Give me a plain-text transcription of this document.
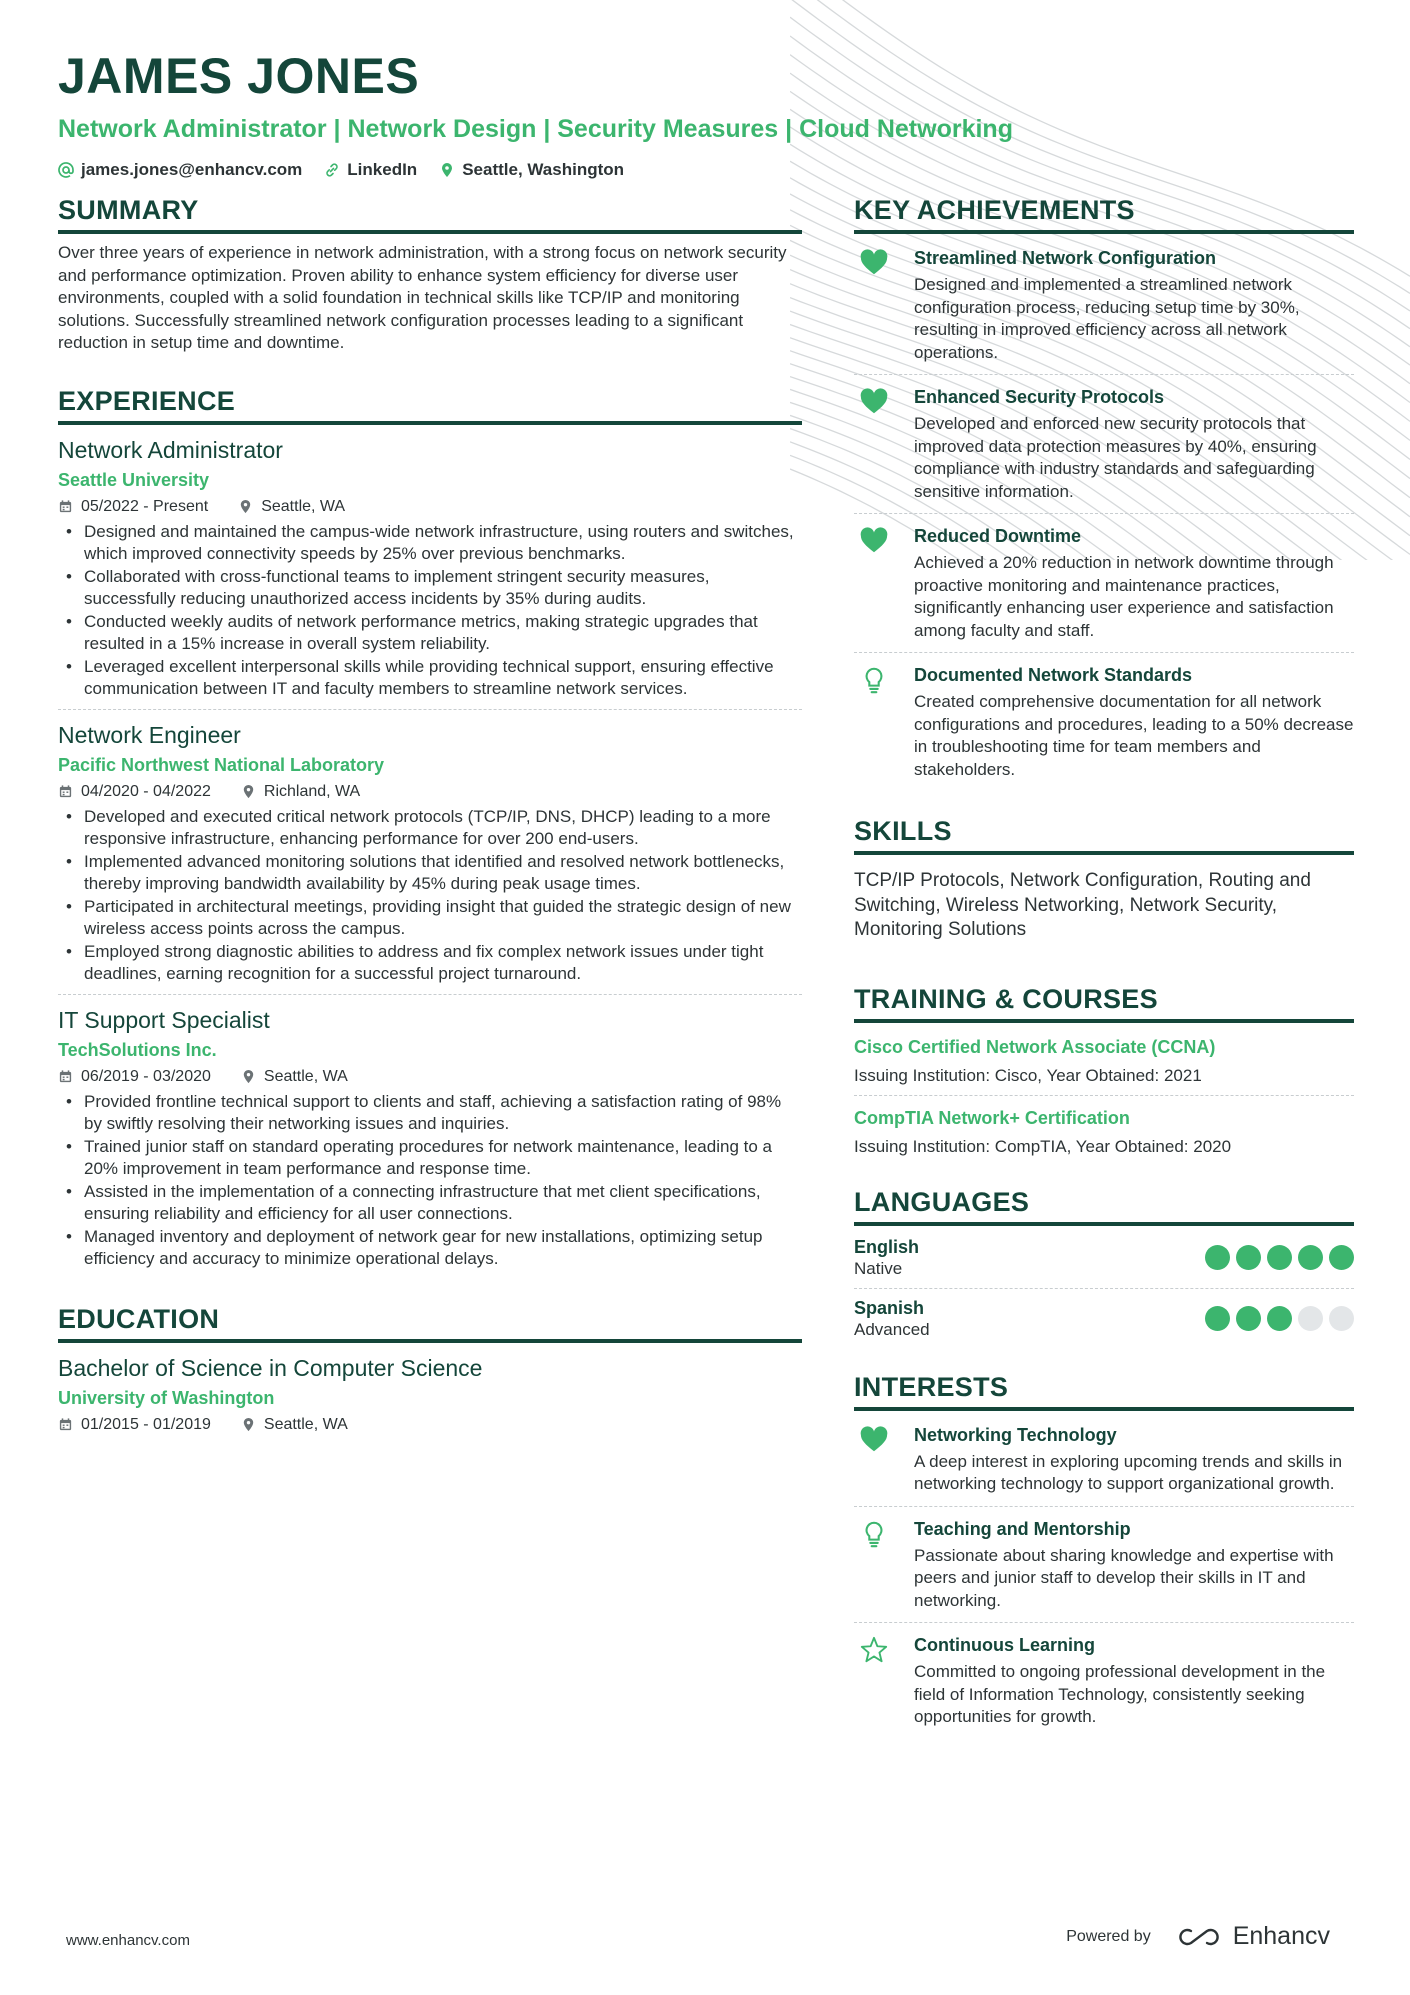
JAMES JONES
Network Administrator | Network Design | Security Measures | Cloud Networking
james.jones@enhancv.com	LinkedIn	Seattle, Washington
SUMMARY
Over three years of experience in network administration, with a strong focus on network security and performance optimization. Proven ability to enhance system efficiency for diverse user environments, coupled with a solid foundation in technical skills like TCP/IP and monitoring solutions. Successfully streamlined network configuration processes leading to a significant reduction in setup time and downtime.
EXPERIENCE
Network Administrator
Seattle University
05/2022 - Present	Seattle, WA
• Designed and maintained the campus-wide network infrastructure, using routers and switches, which improved connectivity speeds by 25% over previous benchmarks.
• Collaborated with cross-functional teams to implement stringent security measures, successfully reducing unauthorized access incidents by 35% during audits.
• Conducted weekly audits of network performance metrics, making strategic upgrades that resulted in a 15% increase in overall system reliability.
• Leveraged excellent interpersonal skills while providing technical support, ensuring effective communication between IT and faculty members to streamline network services.
Network Engineer
Pacific Northwest National Laboratory
04/2020 - 04/2022	Richland, WA
• Developed and executed critical network protocols (TCP/IP, DNS, DHCP) leading to a more responsive infrastructure, enhancing performance for over 200 end-users.
• Implemented advanced monitoring solutions that identified and resolved network bottlenecks, thereby improving bandwidth availability by 45% during peak usage times.
• Participated in architectural meetings, providing insight that guided the strategic design of new wireless access points across the campus.
• Employed strong diagnostic abilities to address and fix complex network issues under tight deadlines, earning recognition for a successful project turnaround.
IT Support Specialist
TechSolutions Inc.
06/2019 - 03/2020	Seattle, WA
• Provided frontline technical support to clients and staff, achieving a satisfaction rating of 98% by swiftly resolving their networking issues and inquiries.
• Trained junior staff on standard operating procedures for network maintenance, leading to a 20% improvement in team performance and response time.
• Assisted in the implementation of a connecting infrastructure that met client specifications, ensuring reliability and efficiency for all user connections.
• Managed inventory and deployment of network gear for new installations, optimizing setup efficiency and accuracy to minimize operational delays.
EDUCATION
Bachelor of Science in Computer Science
University of Washington
01/2015 - 01/2019	Seattle, WA
KEY ACHIEVEMENTS
Streamlined Network Configuration
Designed and implemented a streamlined network configuration process, reducing setup time by 30%, resulting in improved efficiency across all network operations.
Enhanced Security Protocols
Developed and enforced new security protocols that improved data protection measures by 40%, ensuring compliance with industry standards and safeguarding sensitive information.
Reduced Downtime
Achieved a 20% reduction in network downtime through proactive monitoring and maintenance practices, significantly enhancing user experience and satisfaction among faculty and staff.
Documented Network Standards
Created comprehensive documentation for all network configurations and procedures, leading to a 50% decrease in troubleshooting time for team members and stakeholders.
SKILLS
TCP/IP Protocols, Network Configuration, Routing and Switching, Wireless Networking, Network Security, Monitoring Solutions
TRAINING & COURSES
Cisco Certified Network Associate (CCNA)
Issuing Institution: Cisco, Year Obtained: 2021
CompTIA Network+ Certification
Issuing Institution: CompTIA, Year Obtained: 2020
LANGUAGES
English
Native
Spanish
Advanced
INTERESTS
Networking Technology
A deep interest in exploring upcoming trends and skills in networking technology to support organizational growth.
Teaching and Mentorship
Passionate about sharing knowledge and expertise with peers and junior staff to develop their skills in IT and networking.
Continuous Learning
Committed to ongoing professional development in the field of Information Technology, consistently seeking opportunities for growth.
www.enhancv.com	Powered by	Enhancv
